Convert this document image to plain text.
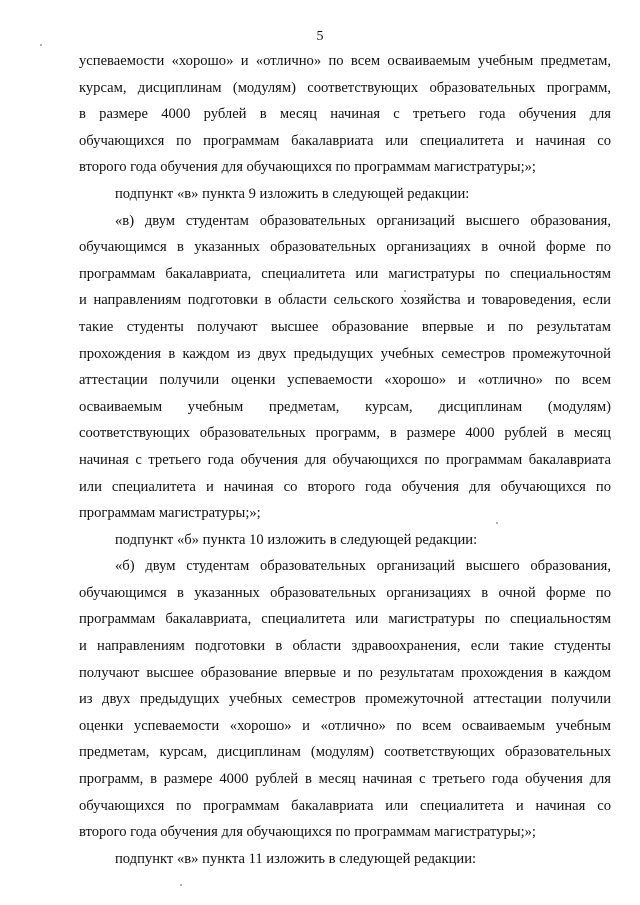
5
успеваемости «хорошо» и «отлично» по всем осваиваемым учебным предметам,
курсам, дисциплинам (модулям) соответствующих образовательных программ,
в размере 4000 рублей в месяц начиная с третьего года обучения для
обучающихся по программам бакалавриата или специалитета и начиная со
второго года обучения для обучающихся по программам магистратуры;»;
подпункт «в» пункта 9 изложить в следующей редакции:
«в) двум студентам образовательных организаций высшего образования,
обучающимся в указанных образовательных организациях в очной форме по
программам бакалавриата, специалитета или магистратуры по специальностям
и направлениям подготовки в области сельского хозяйства и товароведения, если
такие студенты получают высшее образование впервые и по результатам
прохождения в каждом из двух предыдущих учебных семестров промежуточной
аттестации получили оценки успеваемости «хорошо» и «отлично» по всем
осваиваемым учебным предметам, курсам, дисциплинам (модулям)
соответствующих образовательных программ, в размере 4000 рублей в месяц
начиная с третьего года обучения для обучающихся по программам бакалавриата
или специалитета и начиная со второго года обучения для обучающихся по
программам магистратуры;»;
подпункт «б» пункта 10 изложить в следующей редакции:
«б) двум студентам образовательных организаций высшего образования,
обучающимся в указанных образовательных организациях в очной форме по
программам бакалавриата, специалитета или магистратуры по специальностям
и направлениям подготовки в области здравоохранения, если такие студенты
получают высшее образование впервые и по результатам прохождения в каждом
из двух предыдущих учебных семестров промежуточной аттестации получили
оценки успеваемости «хорошо» и «отлично» по всем осваиваемым учебным
предметам, курсам, дисциплинам (модулям) соответствующих образовательных
программ, в размере 4000 рублей в месяц начиная с третьего года обучения для
обучающихся по программам бакалавриата или специалитета и начиная со
второго года обучения для обучающихся по программам магистратуры;»;
подпункт «в» пункта 11 изложить в следующей редакции:
